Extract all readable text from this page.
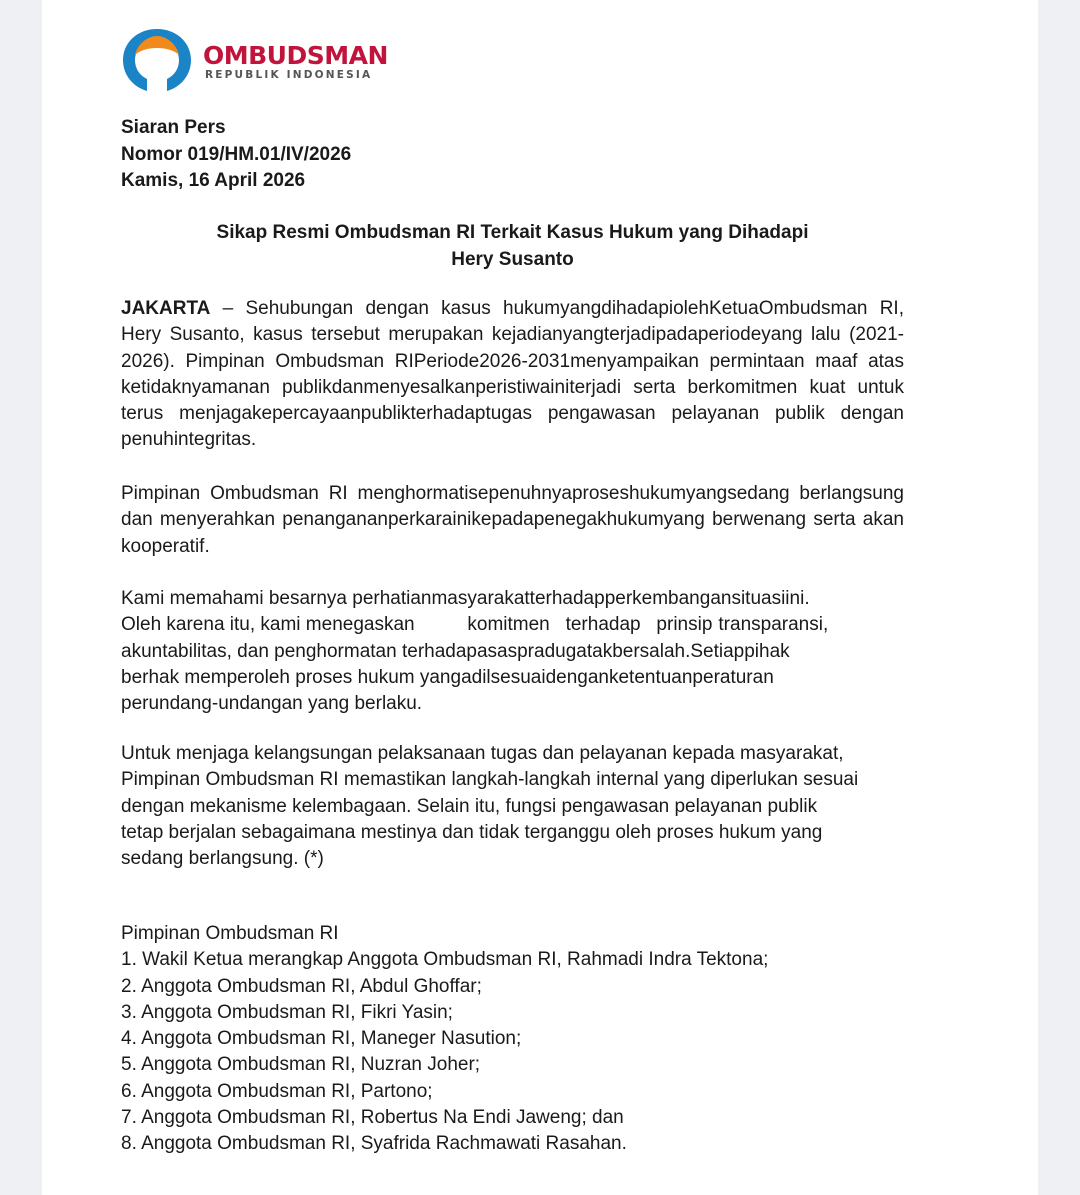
OMBUDSMAN
REPUBLIK INDONESIA
Siaran Pers
Nomor 019/HM.01/IV/2026
Kamis, 16 April 2026
Sikap Resmi Ombudsman RI Terkait Kasus Hukum yang Dihadapi
Hery Susanto
JAKARTA – Sehubungan dengan kasus hukumyangdihadapiolehKetuaOmbudsman RI, Hery Susanto, kasus tersebut merupakan kejadianyangterjadipadaperiodeyang lalu (2021-2026). Pimpinan Ombudsman RIPeriode2026-2031menyampaikan permintaan maaf atas ketidaknyamanan publikdanmenyesalkanperistiwainiterjadi serta berkomitmen kuat untuk terus menjagakepercayaanpublikterhadaptugas pengawasan pelayanan publik dengan penuhintegritas.
Pimpinan Ombudsman RI menghormatisepenuhnyaproseshukumyangsedang berlangsung dan menyerahkan penanganan​perkarainikepadapenegakhukumyang berwenang serta akan kooperatif.
Kami memahami besarnya perhatianmasyarakatterhadapperkembangansituasiini.
Oleh karena itu, kami menegaskan          komitmen   terhadap   prinsip transparansi,
akuntabilitas, dan penghormatan terhadapasaspradugatakbersalah.Setiappihak
berhak memperoleh proses hukum yangadilsesuaidenganketentuanperaturan
perundang-undangan yang berlaku.
Untuk menjaga kelangsungan pelaksanaan tugas dan pelayanan kepada masyarakat,
Pimpinan Ombudsman RI memastikan langkah-langkah internal yang diperlukan sesuai
dengan mekanisme kelembagaan. Selain itu, fungsi pengawasan pelayanan publik
tetap berjalan sebagaimana mestinya dan tidak terganggu oleh proses hukum yang
sedang berlangsung. (*)
Pimpinan Ombudsman RI
1. Wakil Ketua merangkap Anggota Ombudsman RI, Rahmadi Indra Tektona;
2. Anggota Ombudsman RI, Abdul Ghoffar;
3. Anggota Ombudsman RI, Fikri Yasin;
4. Anggota Ombudsman RI, Maneger Nasution;
5. Anggota Ombudsman RI, Nuzran Joher;
6. Anggota Ombudsman RI, Partono;
7. Anggota Ombudsman RI, Robertus Na Endi Jaweng; dan
8. Anggota Ombudsman RI, Syafrida Rachmawati Rasahan.
